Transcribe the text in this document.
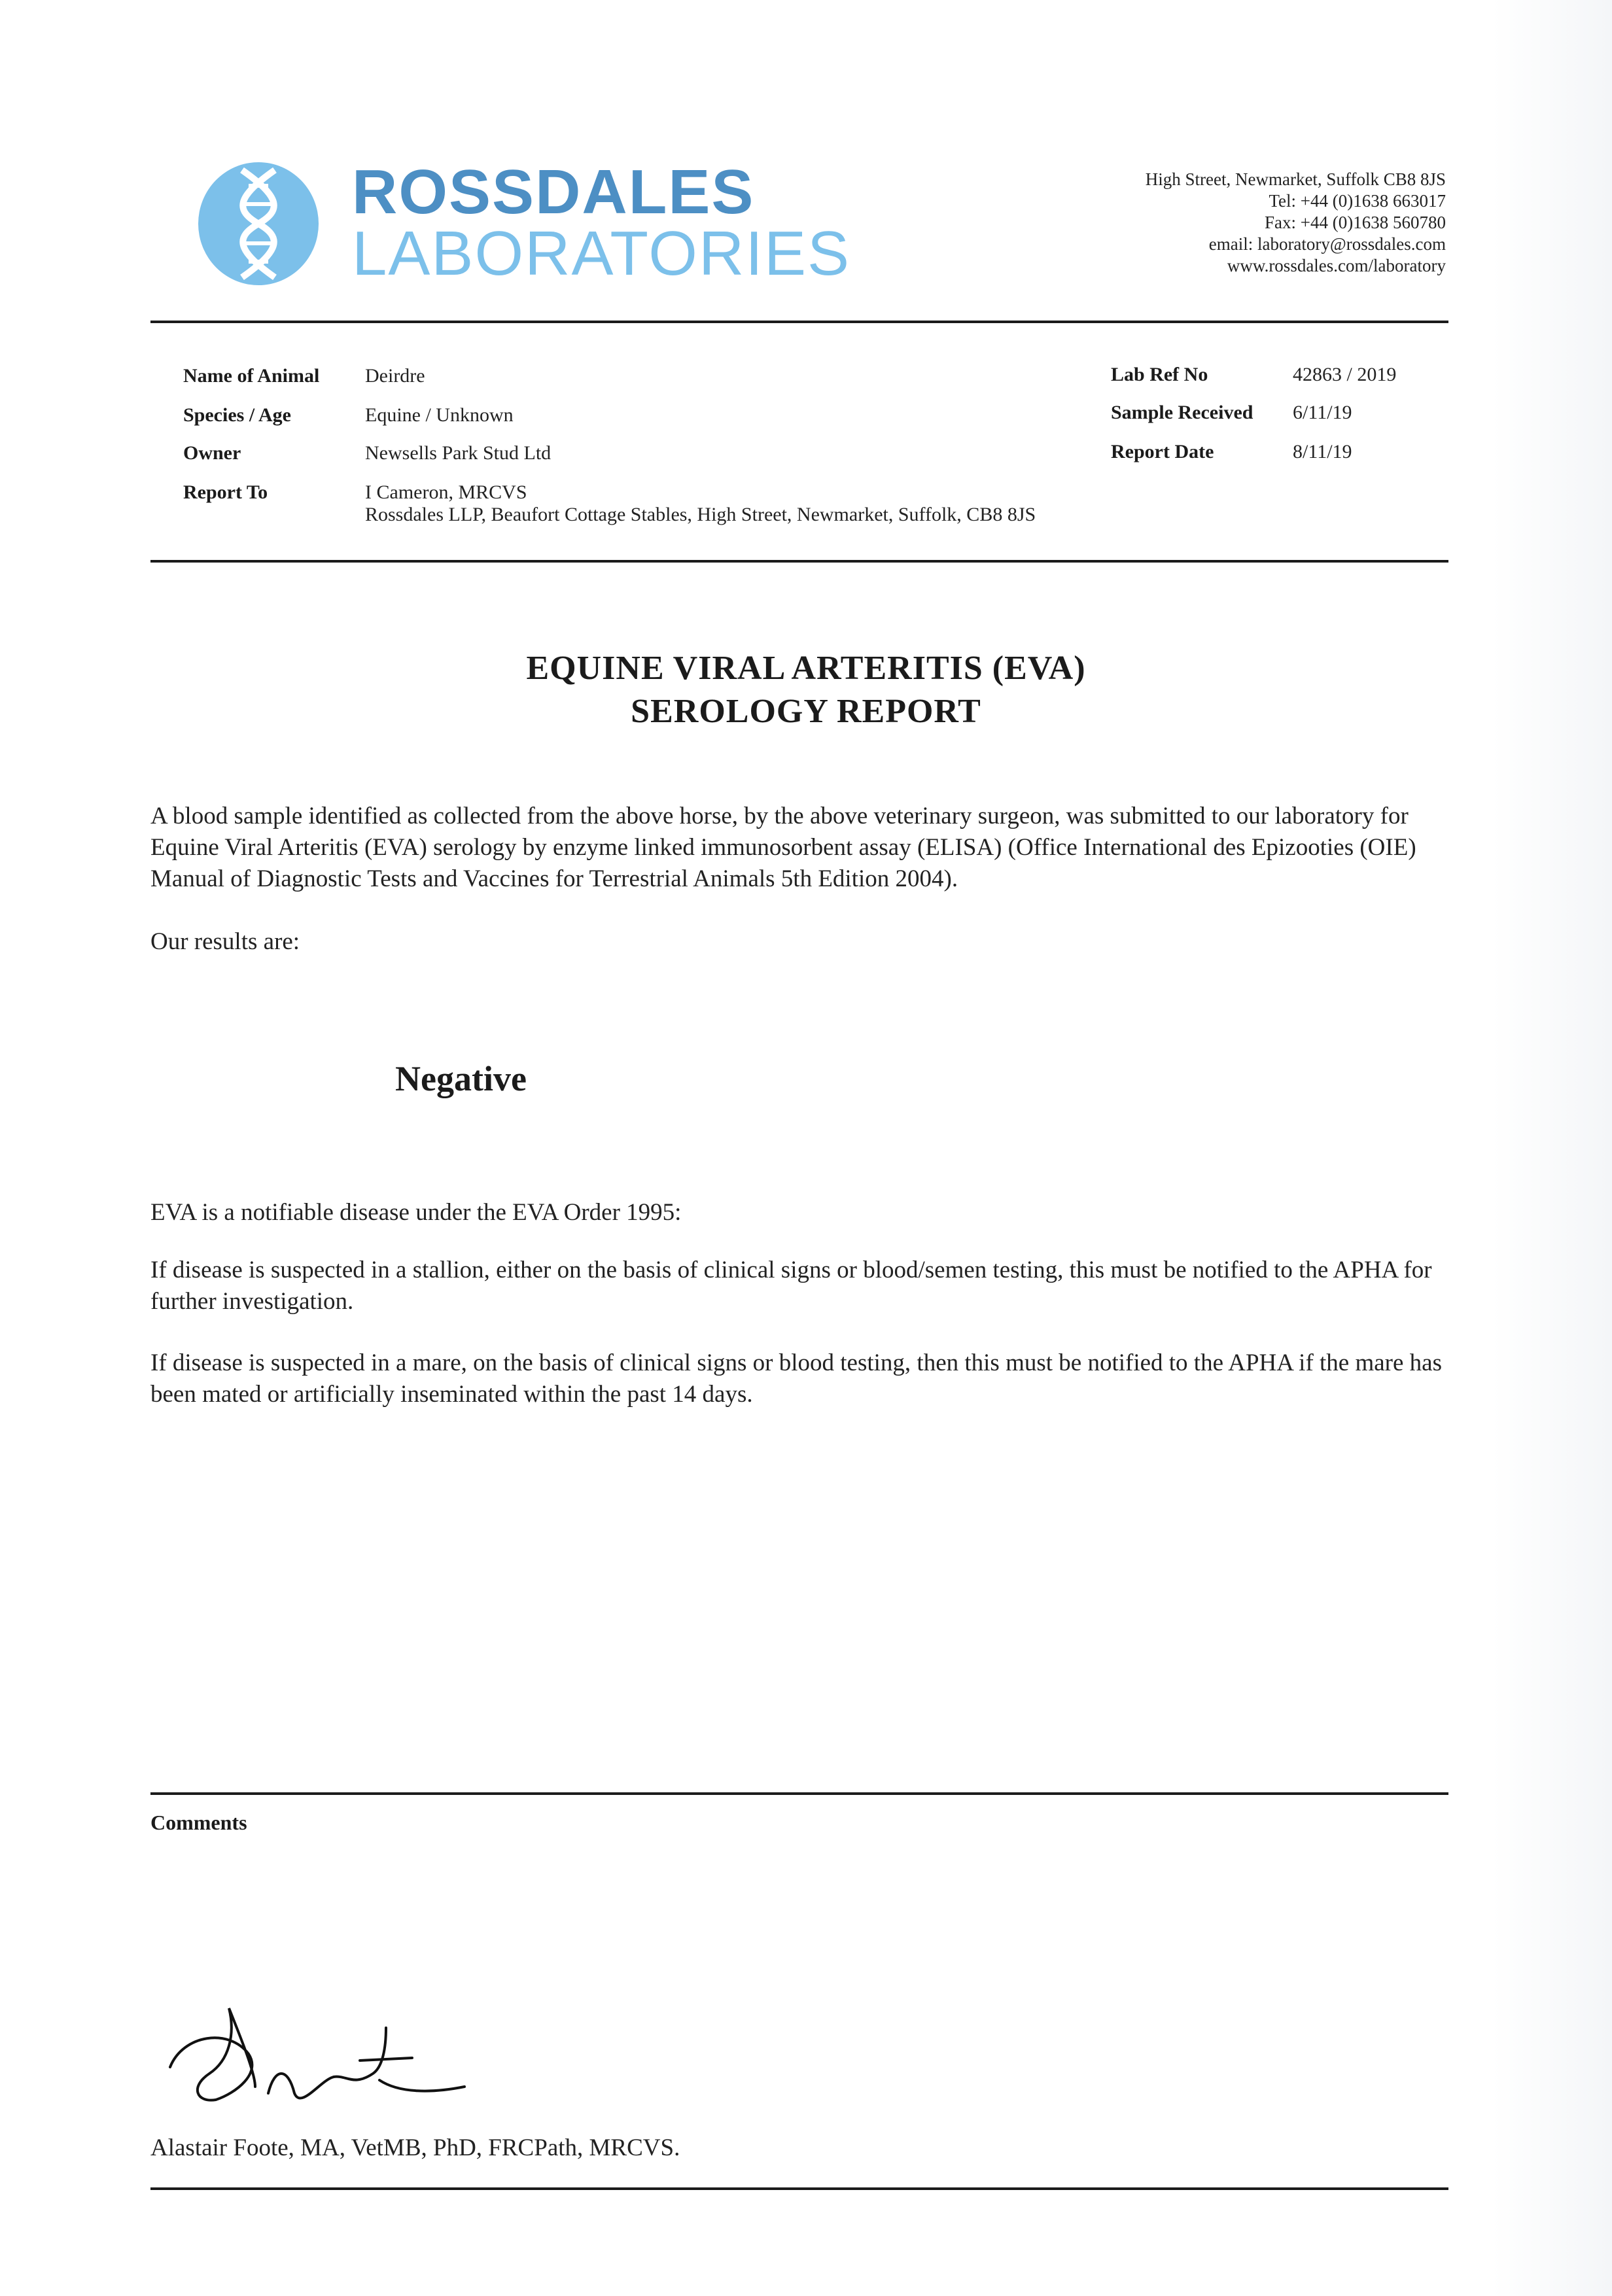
ROSSDALES
LABORATORIES
High Street, Newmarket, Suffolk CB8 8JS
Tel: +44 (0)1638 663017
Fax: +44 (0)1638 560780
email: laboratory@rossdales.com
www.rossdales.com/laboratory
Name of Animal Deirdre
Species / Age	Equine / Unknown
Owner	Newsells Park Stud Ltd
Report To	I Cameron, MRCVS
Rossdales LLP, Beaufort Cottage Stables, High Street, Newmarket, Suffolk, CB8 8JS
Lab Ref No	42863 / 2019
Sample Received 6/11/19
Report Date	8/11/19
EQUINE VIRAL ARTERITIS (EVA)
SEROLOGY REPORT
A blood sample identified as collected from the above horse, by the above veterinary surgeon, was submitted to our laboratory for Equine Viral Arteritis (EVA) serology by enzyme linked immunosorbent assay (ELISA) (Office International des Epizooties (OIE) Manual of Diagnostic Tests and Vaccines for Terrestrial Animals 5th Edition 2004).
Our results are:
Negative
EVA is a notifiable disease under the EVA Order 1995:
If disease is suspected in a stallion, either on the basis of clinical signs or blood/semen testing, this must be notified to the APHA for further investigation.
If disease is suspected in a mare, on the basis of clinical signs or blood testing, then this must be notified to the APHA if the mare has been mated or artificially inseminated within the past 14 days.
Comments
Alastair Foote, MA, VetMB, PhD, FRCPath, MRCVS.
